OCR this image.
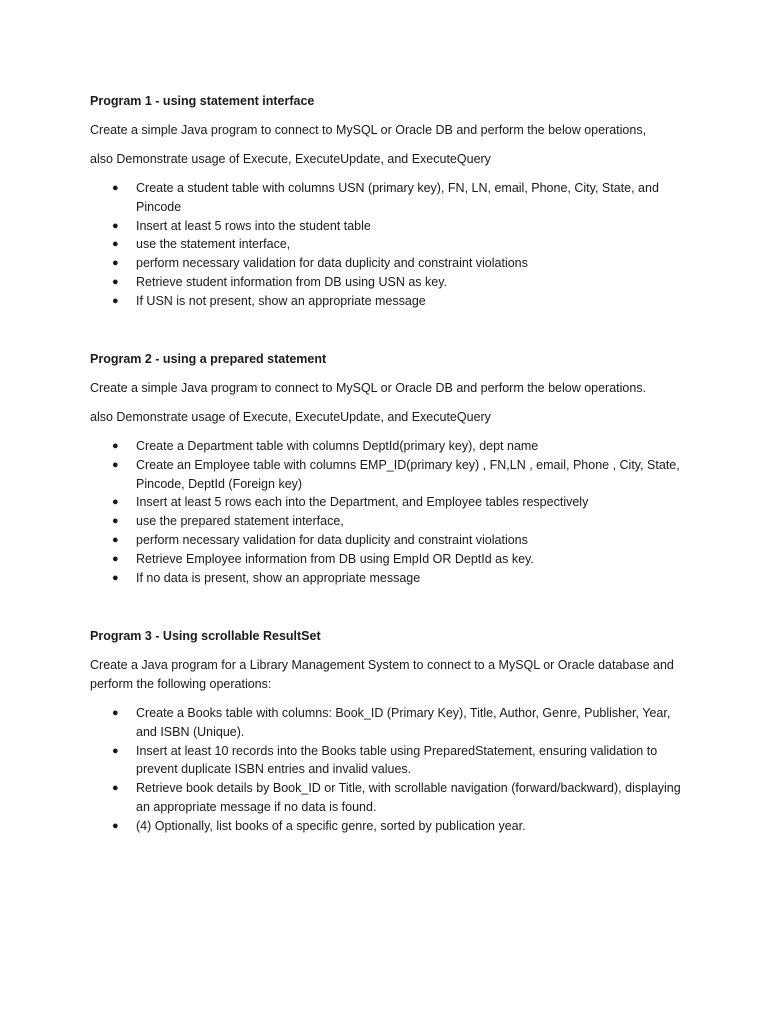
Program 1 - using statement interface
Create a simple Java program to connect to MySQL or Oracle DB and perform the below operations,
also Demonstrate usage of Execute, ExecuteUpdate, and ExecuteQuery
● Create a student table with columns USN (primary key), FN, LN, email, Phone, City, State, and Pincode
● Insert at least 5 rows into the student table
● use the statement interface,
● perform necessary validation for data duplicity and constraint violations
● Retrieve student information from DB using USN as key.
● If USN is not present, show an appropriate message
Program 2 - using a prepared statement
Create a simple Java program to connect to MySQL or Oracle DB and perform the below operations.
also Demonstrate usage of Execute, ExecuteUpdate, and ExecuteQuery
● Create a Department table with columns DeptId(primary key), dept name
● Create an Employee table with columns EMP_ID(primary key) , FN,LN , email, Phone , City, State, Pincode, DeptId (Foreign key)
● Insert at least 5 rows each into the Department, and Employee tables respectively
● use the prepared statement interface,
● perform necessary validation for data duplicity and constraint violations
● Retrieve Employee information from DB using EmpId OR DeptId as key.
● If no data is present, show an appropriate message
Program 3 - Using scrollable ResultSet
Create a Java program for a Library Management System to connect to a MySQL or Oracle database and perform the following operations:
● Create a Books table with columns: Book_ID (Primary Key), Title, Author, Genre, Publisher, Year, and ISBN (Unique).
● Insert at least 10 records into the Books table using PreparedStatement, ensuring validation to prevent duplicate ISBN entries and invalid values.
● Retrieve book details by Book_ID or Title, with scrollable navigation (forward/backward), displaying an appropriate message if no data is found.
● (4) Optionally, list books of a specific genre, sorted by publication year.
